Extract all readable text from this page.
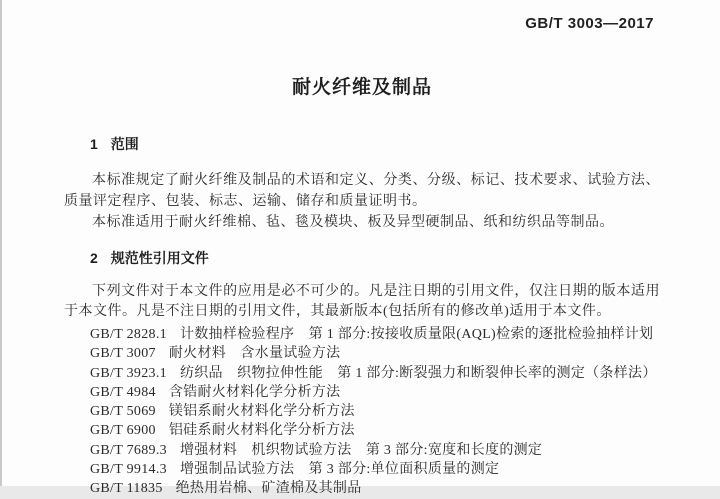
GB/T 3003—2017
耐火纤维及制品
1 范围

本标准规定了耐火纤维及制品的术语和定义、分类、分级、标记、技术要求、试验方法、质量评定程序、包装、标志、运输、储存和质量证明书。

本标准适用于耐火纤维棉、毡、毯及模块、板及异型硬制品、纸和纺织品等制品。

2 规范性引用文件

下列文件对于本文件的应用是必不可少的。凡是注日期的引用文件，仅注日期的版本适用于本文件。凡是不注日期的引用文件，其最新版本(包括所有的修改单)适用于本文件。

GB/T 2828.1 计数抽样检验程序　第 1 部分:按接收质量限(AQL)检索的逐批检验抽样计划
GB/T 3007 耐火材料　含水量试验方法
GB/T 3923.1 纺织品　织物拉伸性能　第 1 部分:断裂强力和断裂伸长率的测定（条样法）
GB/T 4984 含锆耐火材料化学分析方法
GB/T 5069 镁铝系耐火材料化学分析方法
GB/T 6900 铝硅系耐火材料化学分析方法
GB/T 7689.3 增强材料　机织物试验方法　第 3 部分:宽度和长度的测定
GB/T 9914.3 增强制品试验方法　第 3 部分:单位面积质量的测定
GB/T 11835 绝热用岩棉、矿渣棉及其制品
